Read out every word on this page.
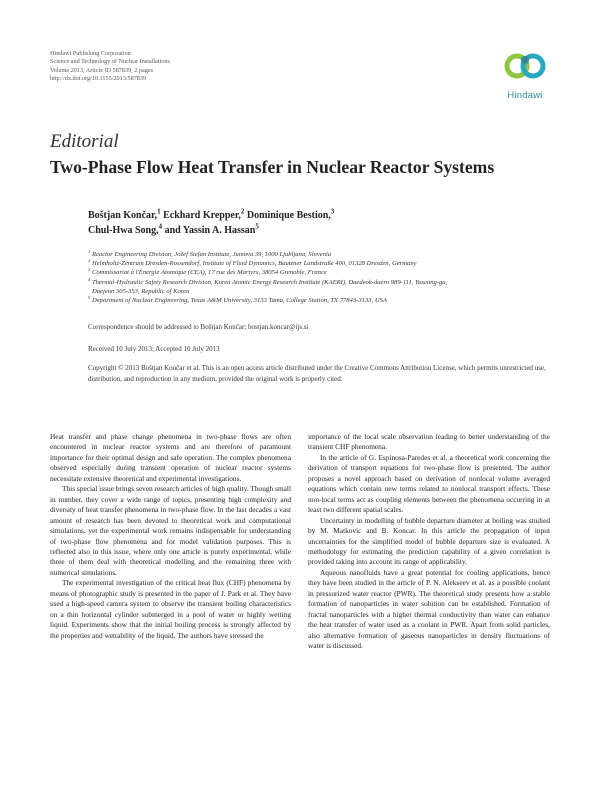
Hindawi Publishing Corporation
Science and Technology of Nuclear Installations
Volume 2013, Article ID 587839, 2 pages
http://dx.doi.org/10.1155/2013/587839
Hindawi
Editorial
Two-Phase Flow Heat Transfer in Nuclear Reactor Systems
Boštjan Končar,$^1$ Eckhard Krepper,$^2$ Dominique Bestion,$^3$
Chul-Hwa Song,$^4$ and Yassin A. Hassan$^5$
$^1$ Reactor Engineering Division, Jožef Stefan Institute, Jamova 39, 1000 Ljubljana, Slovenia
$^2$ Helmholtz-Zentrum Dresden-Rossendorf, Institute of Fluid Dynamics, Bautzner Landstraße 400, 01328 Dresden, Germany
$^3$ Commissariat à l'Énergie Atomique (CEA), 17 rue des Martyrs, 38054 Grenoble, France
$^4$ Thermal-Hydraulic Safety Research Division, Korea Atomic Energy Research Institute (KAERI), Daedeok-daero 989-111, Yuseong-gu,
Daejeon 305-353, Republic of Korea
$^5$ Department of Nuclear Engineering, Texas A&M University, 3133 Tamu, College Station, TX 77843-3133, USA
Correspondence should be addressed to Boštjan Končar; bostjan.koncar@ijs.si
Received 10 July 2013; Accepted 10 July 2013
Copyright © 2013 Boštjan Končar et al. This is an open access article distributed under the Creative Commons Attribution License, which permits unrestricted use, distribution, and reproduction in any medium, provided the original work is properly cited.

Heat transfer and phase change phenomena in two-phase flows are often encountered in nuclear reactor systems and are therefore of paramount importance for their optimal design and safe operation. The complex phenomena observed especially during transient operation of nuclear reactor systems necessitate extensive theoretical and experimental investigations.

This special issue brings seven research articles of high quality. Though small in number, they cover a wide range of topics, presenting high complexity and diversity of heat transfer phenomena in two-phase flow. In the last decades a vast amount of research has been devoted to theoretical work and computational simulations, yet the experimental work remains indispensable for understanding of two-phase flow phenomena and for model validation purposes. This is reflected also in this issue, where only one article is purely experimental, while three of them deal with theoretical modelling and the remaining three with numerical simulations.

The experimental investigation of the critical heat flux (CHF) phenomena by means of photographic study is presented in the paper of J. Park et al. They have used a high-speed camera system to observe the transient boiling characteristics on a thin horizontal cylinder submerged in a pool of water or highly wetting liquid. Experiments show that the initial boiling process is strongly affected by the properties and wettability of the liquid. The authors have stressed the

importance of the local scale observation leading to better understanding of the transient CHF phenomena.

In the article of G. Espinosa-Paredes et al. a theoretical work concerning the derivation of transport equations for two-phase flow is presented. The author proposes a novel approach based on derivation of nonlocal volume averaged equations which contain new terms related to nonlocal transport effects. These non-local terms act as coupling elements between the phenomena occurring in at least two different spatial scales.

Uncertainty in modelling of bubble departure diameter at boiling was studied by M. Matkovic and B. Koncar. In this article the propagation of input uncertainties for the simplified model of bubble departure size is evaluated. A methodology for estimating the prediction capability of a given correlation is provided taking into account its range of applicability.

Aqueous nanofluids have a great potential for cooling applications, hence they have been studied in the article of P. N. Alekseev et al. as a possible coolant in pressurized water reactor (PWR). The theoretical study presents how a stable formation of nanoparticles in water solution can be established. Formation of fractal nanoparticles with a higher thermal conductivity than water can enhance the heat transfer of water used as a coolant in PWR. Apart from solid particles, also alternative formation of gaseous nanoparticles in density fluctuations of water is discussed.
